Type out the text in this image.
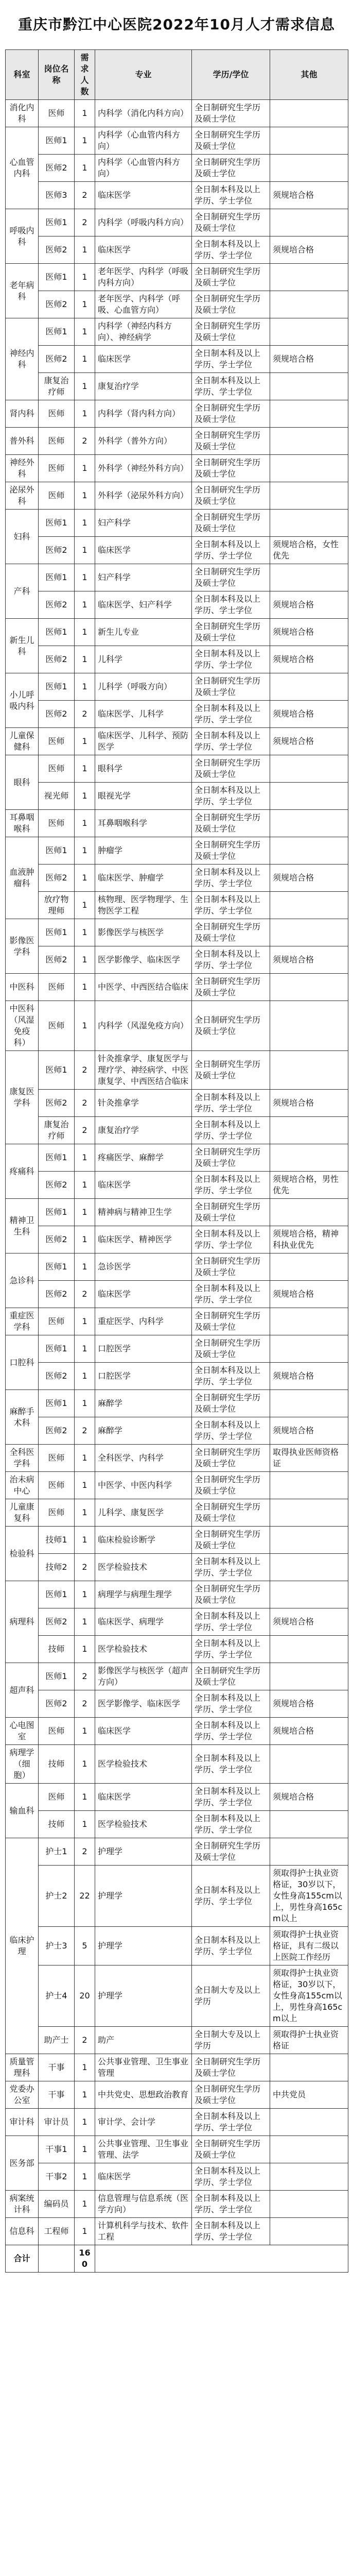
重庆市黔江中心医院2022年10月人才需求信息
科室	岗位名称	需求人数	专业	学历/学位	其他
消化内科	医师	1	内科学（消化内科方向）	全日制研究生学历及硕士学位	
心血管内科	医师1	1	内科学（心血管内科方向）	全日制研究生学历及硕士学位	
	医师2	1	内科学（心血管内科方向）	全日制研究生学历及硕士学位	
	医师3	2	临床医学	全日制本科及以上学历、学士学位	须规培合格
呼吸内科	医师1	2	内科学（呼吸内科方向）	全日制研究生学历及硕士学位	
	医师2	1	临床医学	全日制本科及以上学历、学士学位	须规培合格
老年病科	医师1	1	老年医学、内科学（呼吸内科方向）	全日制研究生学历及硕士学位	
	医师2	1	老年医学、内科学（呼吸、心血管方向）	全日制研究生学历及硕士学位	
神经内科	医师1	1	内科学（神经内科方向）、神经病学	全日制研究生学历及硕士学位	
	医师2	1	临床医学	全日制本科及以上学历、学士学位	须规培合格
	康复治疗师	1	康复治疗学	全日制本科及以上学历、学士学位	
肾内科	医师	1	内科学（肾内科方向）	全日制研究生学历及硕士学位	
普外科	医师	2	外科学（普外方向）	全日制研究生学历及硕士学位	
神经外科	医师	1	外科学（神经外科方向）	全日制研究生学历及硕士学位	
泌尿外科	医师	1	外科学（泌尿外科方向）	全日制研究生学历及硕士学位	
妇科	医师1	1	妇产科学	全日制研究生学历及硕士学位	
	医师2	1	临床医学	全日制本科及以上学历、学士学位	须规培合格，女性优先
产科	医师1	1	妇产科学	全日制研究生学历及硕士学位	
	医师2	1	临床医学、妇产科学	全日制本科及以上学历、学士学位	须规培合格
新生儿科	医师1	1	新生儿专业	全日制研究生学历及硕士学位	须规培合格
	医师2	1	儿科学	全日制本科及以上学历、学士学位	须规培合格
小儿呼吸内科	医师1	1	儿科学（呼吸方向）	全日制研究生学历及硕士学位	
	医师2	2	临床医学、儿科学	全日制本科及以上学历、学士学位	须规培合格
儿童保健科	医师	1	临床医学、儿科学、预防医学	全日制本科及以上学历、学士学位	须规培合格
眼科	医师	1	眼科学	全日制研究生学历及硕士学位	
	视光师	1	眼视光学	全日制本科及以上学历、学士学位	
耳鼻咽喉科	医师	1	耳鼻咽喉科学	全日制研究生学历及硕士学位	
血液肿瘤科	医师1	1	肿瘤学	全日制研究生学历及硕士学位	
	医师2	1	临床医学、肿瘤学	全日制本科及以上学历、学士学位	须规培合格
	放疗物理师	1	核物理、医学物理学、生物医学工程	全日制本科及以上学历、学士学位	
影像医学科	医师1	1	影像医学与核医学	全日制研究生学历及硕士学位	
	医师2	1	医学影像学、临床医学	全日制本科及以上学历、学士学位	须规培合格
中医科	医师	1	中医学、中西医结合临床	全日制研究生学历及硕士学位	
中医科（风湿免疫科）	医师	1	内科学（风湿免疫方向）	全日制研究生学历及硕士学位	
康复医学科	医师1	2	针灸推拿学、康复医学与理疗学、神经病学、中医康复学、中西医结合临床	全日制研究生学历及硕士学位	
	医师2	2	针灸推拿学	全日制本科及以上学历、学士学位	须规培合格
	康复治疗师	2	康复治疗学	全日制本科及以上学历、学士学位	
疼痛科	医师1	1	疼痛医学、麻醉学	全日制研究生学历及硕士学位	
	医师2	1	临床医学	全日制本科及以上学历、学士学位	须规培合格，男性优先
精神卫生科	医师1	1	精神病与精神卫生学	全日制研究生学历及硕士学位	
	医师2	1	临床医学、精神医学	全日制本科及以上学历、学士学位	须规培合格，精神科执业优先
急诊科	医师1	1	急诊医学	全日制研究生学历及硕士学位	
	医师2	2	临床医学	全日制本科及以上学历、学士学位	须规培合格
重症医学科	医师	1	重症医学、内科学	全日制研究生学历及硕士学位	
口腔科	医师1	1	口腔医学	全日制研究生学历及硕士学位	
	医师2	1	口腔医学	全日制本科及以上学历、学士学位	须规培合格
麻醉手术科	医师1	1	麻醉学	全日制研究生学历及硕士学位	
	医师2	2	麻醉学	全日制本科及以上学历、学士学位	须规培合格
全科医学科	医师	1	全科医学、内科学	全日制研究生学历及硕士学位	取得执业医师资格证
治未病中心	医师	1	中医学、中医内科学	全日制研究生学历及硕士学位	
儿童康复科	医师	1	儿科学、康复医学	全日制研究生学历及硕士学位	
检验科	技师1	1	临床检验诊断学	全日制研究生学历及硕士学位	
	技师2	2	医学检验技术	全日制本科及以上学历、学士学位	
病理科	医师1	1	病理学与病理生理学	全日制研究生学历及硕士学位	
	医师2	1	临床医学、病理学	全日制本科及以上学历、学士学位	须规培合格
	技师	1	医学检验技术	全日制本科及以上学历、学士学位	
超声科	医师1	2	影像医学与核医学（超声方向）	全日制研究生学历及硕士学位	
	医师2	2	医学影像学、临床医学	全日制本科及以上学历、学士学位	须规培合格
心电图室	医师	1	临床医学	全日制本科及以上学历、学士学位	须规培合格
病理学（细胞）	技师	1	医学检验技术	全日制本科及以上学历、学士学位	
输血科	医师	1	临床医学	全日制本科及以上学历、学士学位	须规培合格
	技师	1	医学检验技术	全日制本科及以上学历、学士学位	
临床护理	护士1	2	护理学	全日制研究生学历及硕士学位	
	护士2	22	护理学	全日制本科及以上学历、学士学位	须取得护士执业资格证，30岁以下，女性身高155cm以上，男性身高165cm以上
	护士3	5	护理学	全日制本科及以上学历、学士学位	须取得护士执业资格证，具有二级以上医院工作经历
	护士4	20	护理学	全日制大专及以上学历	须取得护士执业资格证，30岁以下，女性身高155cm以上，男性身高165cm以上
	助产士	2	助产	全日制大专及以上学历	须取得护士执业资格证
质量管理科	干事	1	公共事业管理、卫生事业管理	全日制研究生学历及硕士学位	
党委办公室	干事	1	中共党史、思想政治教育	全日制研究生学历及硕士学位	中共党员
审计科	审计员	1	审计学、会计学	全日制本科及以上学历、学士学位	
医务部	干事1	1	公共事业管理、卫生事业管理、法学	全日制研究生学历及硕士学位	
	干事2	1	临床医学	全日制本科及以上学历、学士学位	
病案统计科	编码员	1	信息管理与信息系统（医学方向）	全日制本科及以上学历、学士学位	
信息科	工程师	1	计算机科学与技术、软件工程	全日制本科及以上学历、学士学位	
合计		160			
